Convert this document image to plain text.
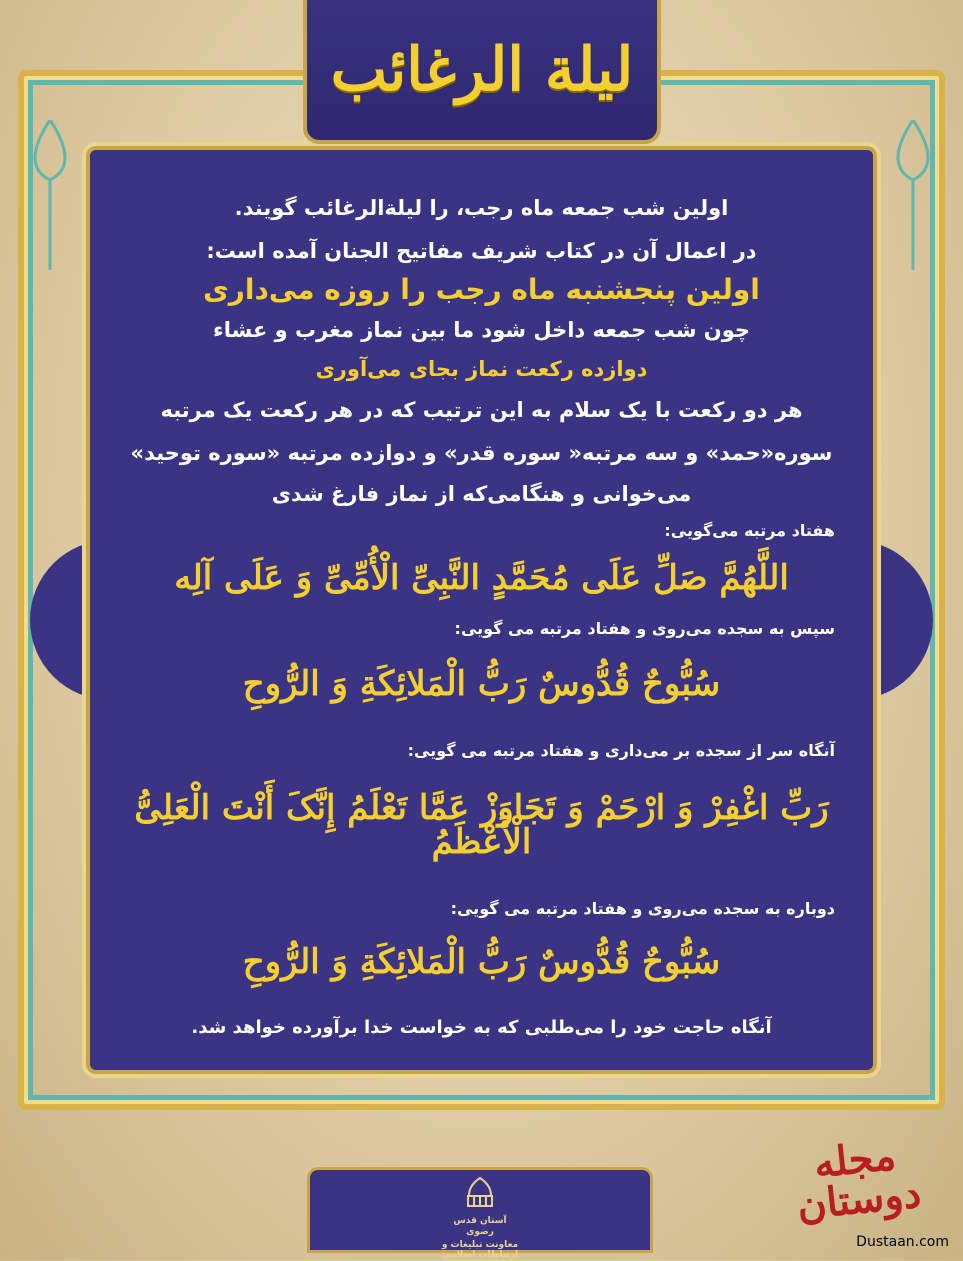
لیلة الرغائب

اولین شب جمعه ماه رجب، را لیلةالرغائب گویند.

در اعمال آن در کتاب شریف مفاتیح الجنان آمده است:

اولین پنجشنبه ماه رجب را روزه می‌داری

چون شب جمعه داخل شود ما بین نماز مغرب و عشاء

دوازده رکعت نماز بجای می‌آوری

هر دو رکعت با یک سلام به این ترتیب که در هر رکعت یک مرتبه

سوره«حمد» و سه مرتبه« سوره قدر» و دوازده مرتبه «سوره توحید»

می‌خوانی و هنگامی‌که از نماز فارغ شدی

هفتاد مرتبه می‌گویی:

اللَّهُمَّ صَلِّ عَلَی مُحَمَّدٍ النَّبِیِّ الْأُمِّیِّ وَ عَلَی آلِه

سپس به سجده می‌روی و هفتاد مرتبه می گویی:

سُبُّوحٌ قُدُّوسٌ رَبُّ الْمَلائِکَةِ وَ الرُّوحِ

آنگاه سر از سجده بر می‌داری و هفتاد مرتبه می گویی:

رَبِّ اغْفِرْ وَ ارْحَمْ وَ تَجَاوَزْ عَمَّا تَعْلَمُ إِنَّکَ أَنْتَ الْعَلِیُّ الْأَعْظَمُ

دوباره به سجده می‌روی و هفتاد مرتبه می گویی:

سُبُّوحٌ قُدُّوسٌ رَبُّ الْمَلائِکَةِ وَ الرُّوحِ

آنگاه حاجت خود را می‌طلبی که به خواست خدا برآورده خواهد شد.

آستان قدس رضوی
معاونت تبلیغات و ارتباطات اسلامی
مجله دوستان
Dustaan.com
